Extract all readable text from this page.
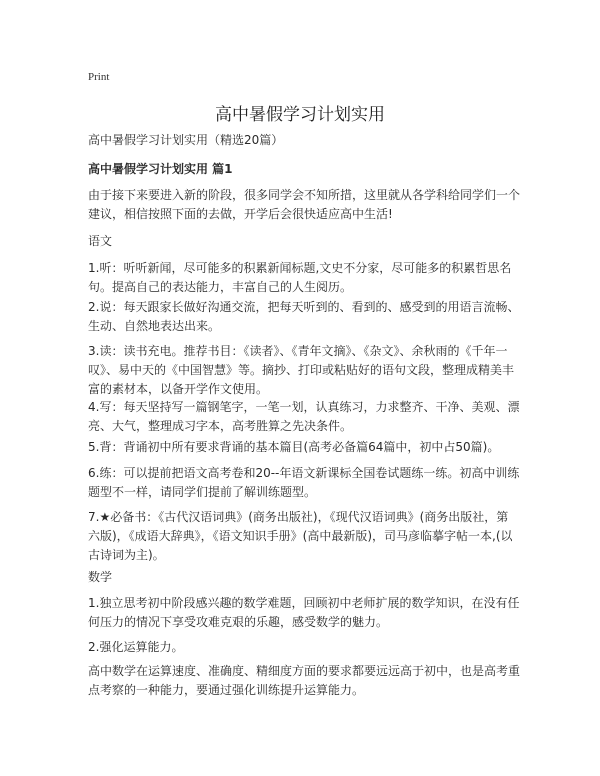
Print
高中暑假学习计划实用

高中暑假学习计划实用（精选20篇）

高中暑假学习计划实用 篇1

由于接下来要进入新的阶段，很多同学会不知所措，这里就从各学科给同学们一个建议，相信按照下面的去做，开学后会很快适应高中生活!

语文

1.听：听听新闻，尽可能多的积累新闻标题,文史不分家，尽可能多的积累哲思名句。提高自己的表达能力，丰富自己的人生阅历。

2.说：每天跟家长做好沟通交流，把每天听到的、看到的、感受到的用语言流畅、生动、自然地表达出来。

3.读：读书充电。推荐书目：《读者》、《青年文摘》、《杂文》、余秋雨的《千年一叹》、易中天的《中国智慧》等。摘抄、打印或粘贴好的语句文段，整理成精美丰富的素材本，以备开学作文使用。

4.写：每天坚持写一篇钢笔字，一笔一划，认真练习，力求整齐、干净、美观、漂亮、大气，整理成习字本，高考胜算之先决条件。

5.背：背诵初中所有要求背诵的基本篇目(高考必备篇64篇中，初中占50篇)。

6.练：可以提前把语文高考卷和20--年语文新课标全国卷试题练一练。初高中训练题型不一样，请同学们提前了解训练题型。

7.★必备书：《古代汉语词典》(商务出版社)，《现代汉语词典》(商务出版社，第六版)，《成语大辞典》，《语文知识手册》(高中最新版)，司马彦临摹字帖一本,(以古诗词为主)。

数学

1.独立思考初中阶段感兴趣的数学难题，回顾初中老师扩展的数学知识，在没有任何压力的情况下享受攻难克艰的乐趣，感受数学的魅力。

2.强化运算能力。

高中数学在运算速度、准确度、精细度方面的要求都要远远高于初中，也是高考重点考察的一种能力，要通过强化训练提升运算能力。
